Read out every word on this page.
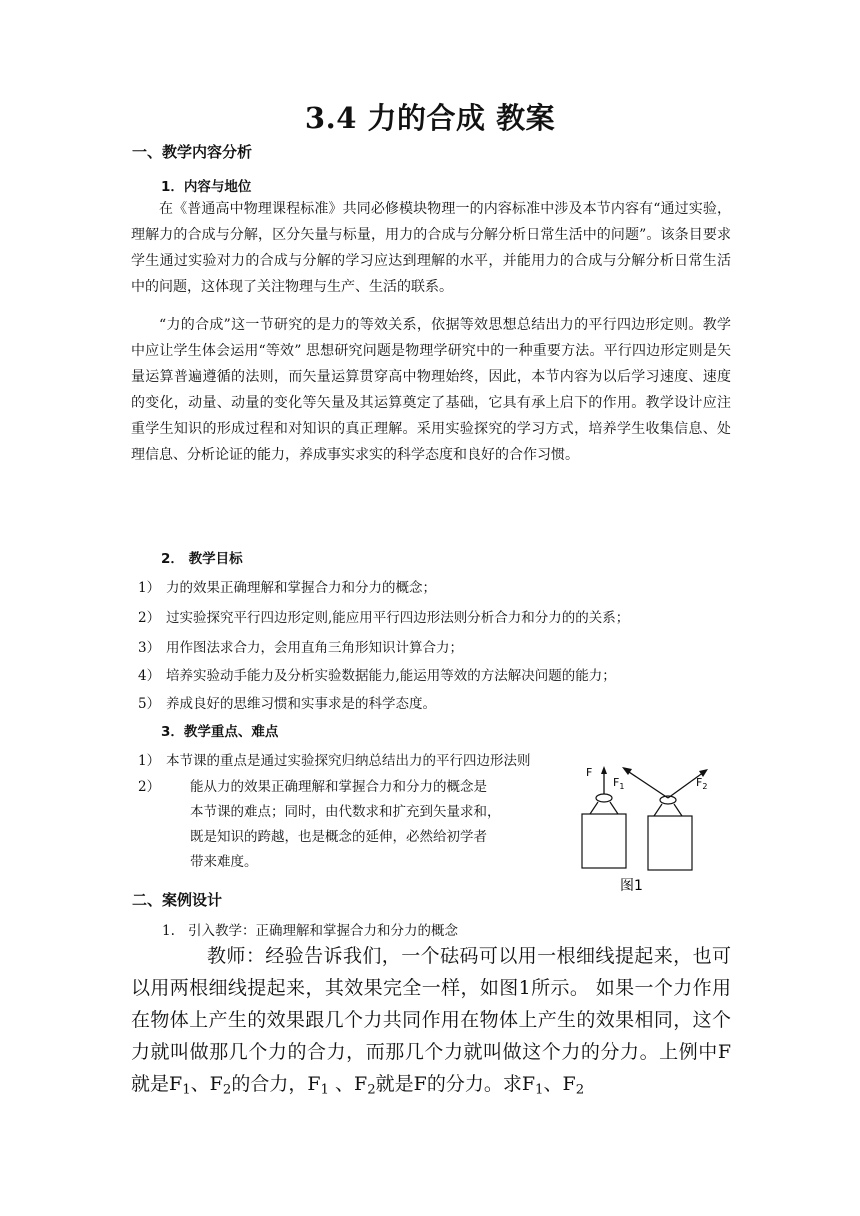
3.4 力的合成 教案
一、教学内容分析
1．内容与地位

在《普通高中物理课程标准》共同必修模块物理一的内容标准中涉及本节内容有“通过实验，理解力的合成与分解，区分矢量与标量，用力的合成与分解分析日常生活中的问题”。该条目要求学生通过实验对力的合成与分解的学习应达到理解的水平，并能用力的合成与分解分析日常生活中的问题，这体现了关注物理与生产、生活的联系。

“力的合成”这一节研究的是力的等效关系，依据等效思想总结出力的平行四边形定则。教学中应让学生体会运用“等效” 思想研究问题是物理学研究中的一种重要方法。平行四边形定则是矢量运算普遍遵循的法则，而矢量运算贯穿高中物理始终，因此，本节内容为以后学习速度、速度的变化，动量、动量的变化等矢量及其运算奠定了基础，它具有承上启下的作用。教学设计应注重学生知识的形成过程和对知识的真正理解。采用实验探究的学习方式，培养学生收集信息、处理信息、分析论证的能力，养成事实求实的科学态度和良好的合作习惯。

2． 教学目标
1） 力的效果正确理解和掌握合力和分力的概念；
2） 过实验探究平行四边形定则,能应用平行四边形法则分析合力和分力的的关系；
3） 用作图法求合力，会用直角三角形知识计算合力；
4） 培养实验动手能力及分析实验数据能力,能运用等效的方法解决问题的能力；
5） 养成良好的思维习惯和实事求是的科学态度。
3．教学重点、难点
1） 本节课的重点是通过实验探究归纳总结出力的平行四边形法则
2） 能从力的效果正确理解和掌握合力和分力的概念是
本节课的难点；同时，由代数求和扩充到矢量求和，
既是知识的跨越，也是概念的延伸，必然给初学者
带来难度。
F
$F_1$	$F_2$
图1
二、案例设计
1. 引入教学：正确理解和掌握合力和分力的概念

教师：经验告诉我们，一个砝码可以用一根细线提起来，也可以用两根细线提起来，其效果完全一样，如图1所示。 如果一个力作用在物体上产生的效果跟几个力共同作用在物体上产生的效果相同，这个力就叫做那几个力的合力，而那几个力就叫做这个力的分力。上例中F就是$F_1$、$F_2$的合力，$F_1$ 、$F_2$就是F的分力。求$F_1$、$F_2$
